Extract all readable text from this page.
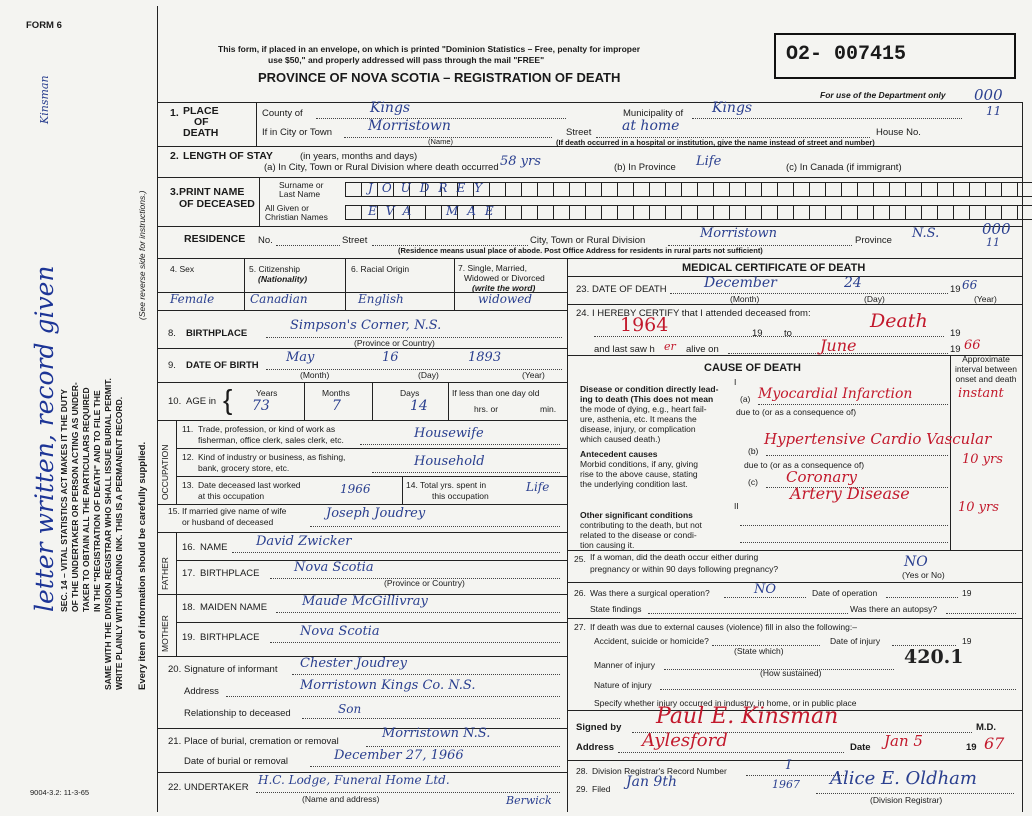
FORM 6
Kinsman
letter written, record given SEC. 14 – VITAL STATISTICS ACT MAKES IT THE DUTY OF THE UNDERTAKER OR PERSON ACTING AS UNDER- TAKER TO OBTAIN ALL THE PARTICULARS REQUIRED IN THE "REGISTRATION OF DEATH" AND TO FILE THE SAME WITH THE DIVISION REGISTRAR WHO SHALL ISSUE BURIAL PERMIT. WRITE PLAINLY WITH UNFADING INK. THIS IS A PERMANENT RECORD.
(See reverse side for instructions.)
Every item of information should be carefully supplied.
9004-3.2: 11-3-65
This form, if placed in an envelope, on which is printed "Dominion Statistics – Free, penalty for improper
use $50," and properly addressed will pass through the mail "FREE"
PROVINCE OF NOVA SCOTIA – REGISTRATION OF DEATH
O2- 007415
For use of the Department only 000
11
1. PLACE
OF
DEATH
County of	Kings	Municipality of Kings
If in City or Town	Morristown
(Name)
Street at home	House No.
(If death occurred in a hospital or institution, give the name instead of street and number)
2. LENGTH OF STAY	(in years, months and days)
(a) In City, Town or Rural Division where death occurred 58 yrs	(b) In Province Life	(c) In Canada (if immigrant)
3. PRINT NAME
OF DECEASED
Surname or
Last Name
All Given or
Christian Names
JOUDREY
EVA MAE
RESIDENCE No.	Street	City, Town or Rural Division	Morristown	Province N.S.	000
11
(Residence means usual place of abode. Post Office Address for residents in rural parts not sufficient)
4. Sex	5. Citizenship
(Nationality)
6. Racial Origin	7. Single, Married,
Widowed or Divorced
(write the word)
Female	Canadian	English	widowed
8. BIRTHPLACE
Simpson's Corner, N.S.
(Province or Country)
9. DATE OF BIRTH
May	16	1893
(Month)	(Day)	(Year)
10. AGE in {	Years	Months	Days
73	7	14
If less than one day old
hrs. or	min.
OCCUPATION
11. Trade, profession, or kind of work as
fisherman, office clerk, sales clerk, etc.	Housewife
12. Kind of industry or business, as fishing,
bank, grocery store, etc.	Household
13. Date deceased last worked
at this occupation	1966	14. Total yrs. spent in
this occupation
Life
15. If married give name of wife
or husband of deceased
Joseph Joudrey
FATHER
16. NAME David Zwicker
17. BIRTHPLACE	Nova Scotia
(Province or Country)
MOTHER
18. MAIDEN NAME	Maude McGillivray
19. BIRTHPLACE	Nova Scotia
20. Signature of informant Chester Joudrey
Address	Morristown Kings Co. N.S.
Relationship to deceased	Son
21. Place of burial, cremation or removal
Morristown N.S.
Date of burial or removal	December 27, 1966
22. UNDERTAKER
H.C. Lodge, Funeral Home Ltd.
(Name and address)	Berwick
MEDICAL CERTIFICATE OF DEATH
23. DATE OF DEATH	December	24	19 66
(Month)	(Day)	(Year)
24. I HEREBY CERTIFY that I attended deceased from:
1964	19 to
Death
19
and last saw h er alive on	June	19 66
CAUSE OF DEATH
Approximate interval between onset and death
I
Disease or condition directly lead-
ing to death (This does not mean
the mode of dying, e.g., heart fail-
ure, asthenia, etc. It means the
disease, injury, or complication
which caused death.)
(a) Myocardial Infarction	instant
due to (or as a consequence of)
Antecedent causes
Morbid conditions, if any, giving
rise to the above cause, stating
the underlying condition last.
(b)
Hypertensive Cardio Vascular
10 yrs
due to (or as a consequence of)
(c) Coronary
Artery Disease
10 yrs
II
Other significant conditions
contributing to the death, but not
related to the disease or condi-
tion causing it.
25. If a woman, did the death occur either during
pregnancy or within 90 days following pregnancy?	NO
(Yes or No)
26. Was there a surgical operation?	NO	Date of operation	19
State findings	Was there an autopsy?
27. If death was due to external causes (violence) fill in also the following:–
Accident, suicide or homicide?
(State which)
Date of injury	19
420.1
Manner of injury
(How sustained)
Nature of injury
Specify whether injury occurred in industry, in home, or in public place
Signed by Paul E. Kinsman	M.D.
Address Aylesford	Date Jan 5	19 67
28. Division Registrar's Record Number	I
29. Filed Jan 9th	1967 Alice E. Oldham
(Division Registrar)
